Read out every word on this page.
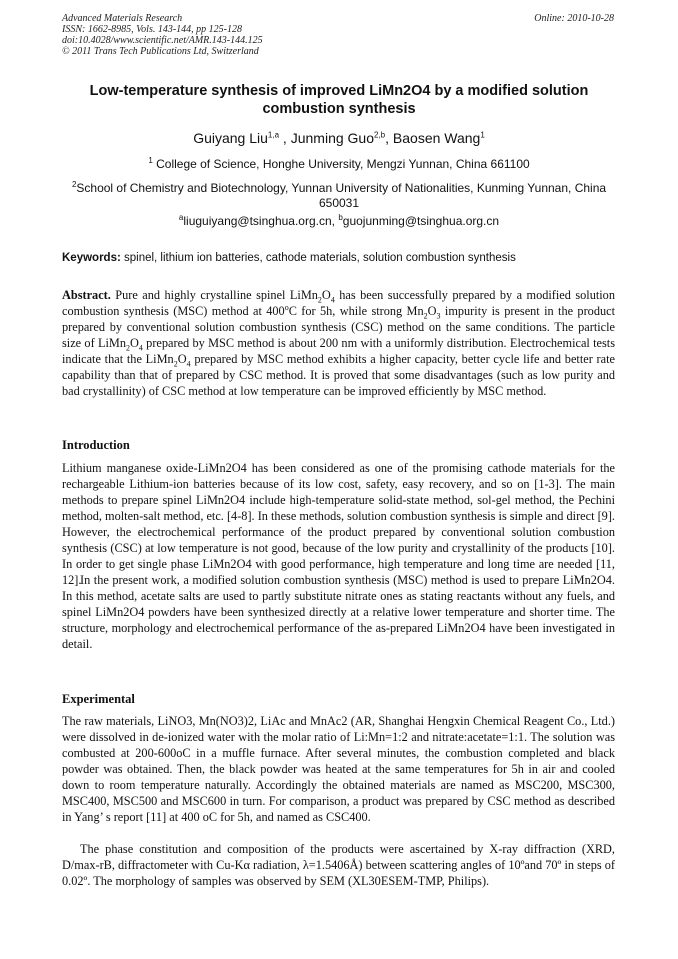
Advanced Materials Research
ISSN: 1662-8985, Vols. 143-144, pp 125-128
doi:10.4028/www.scientific.net/AMR.143-144.125
© 2011 Trans Tech Publications Ltd, Switzerland
Online: 2010-10-28
Low-temperature synthesis of improved LiMn2O4 by a modified solution
combustion synthesis
Guiyang Liu$^{1,a}$ , Junming Guo$^{2,b}$, Baosen Wang$^1$
$^1$ College of Science, Honghe University, Mengzi Yunnan, China 661100
$^2$School of Chemistry and Biotechnology, Yunnan University of Nationalities, Kunming Yunnan, China 650031
$^a$liuguiyang@tsinghua.org.cn, $^b$guojunming@tsinghua.org.cn
Keywords: spinel, lithium ion batteries, cathode materials, solution combustion synthesis
Abstract. Pure and highly crystalline spinel $LiMn_2O_4$ has been successfully prepared by a modified solution combustion synthesis (MSC) method at 400$^o$C for 5h, while strong $Mn_2O_3$ impurity is present in the product prepared by conventional solution combustion synthesis (CSC) method on the same conditions. The particle size of $LiMn_2O_4$ prepared by MSC method is about 200 nm with a uniformly distribution. Electrochemical tests indicate that the $LiMn_2O_4$ prepared by MSC method exhibits a higher capacity, better cycle life and better rate capability than that of prepared by CSC method. It is proved that some disadvantages (such as low purity and bad crystallinity) of CSC method at low temperature can be improved efficiently by MSC method.
Introduction
Lithium manganese oxide-LiMn2O4 has been considered as one of the promising cathode materials for the rechargeable Lithium-ion batteries because of its low cost, safety, easy recovery, and so on [1-3]. The main methods to prepare spinel LiMn2O4 include high-temperature solid-state method, sol-gel method, the Pechini method, molten-salt method, etc. [4-8]. In these methods, solution combustion synthesis is simple and direct [9]. However, the electrochemical performance of the product prepared by conventional solution combustion synthesis (CSC) at low temperature is not good, because of the low purity and crystallinity of the products [10]. In order to get single phase LiMn2O4 with good performance, high temperature and long time are needed [11, 12].
In the present work, a modified solution combustion synthesis (MSC) method is used to prepare LiMn2O4. In this method, acetate salts are used to partly substitute nitrate ones as stating reactants without any fuels, and spinel LiMn2O4 powders have been synthesized directly at a relative lower temperature and shorter time. The structure, morphology and electrochemical performance of the as-prepared LiMn2O4 have been investigated in detail.
Experimental
The raw materials, LiNO3, Mn(NO3)2, LiAc and MnAc2 (AR, Shanghai Hengxin Chemical Reagent Co., Ltd.) were dissolved in de-ionized water with the molar ratio of Li:Mn=1:2 and nitrate:acetate=1:1. The solution was combusted at 200-600oC in a muffle furnace. After several minutes, the combustion completed and black powder was obtained. Then, the black powder was heated at the same temperatures for 5h in air and cooled down to room temperature naturally. Accordingly the obtained materials are named as MSC200, MSC300, MSC400, MSC500 and MSC600 in turn. For comparison, a product was prepared by CSC method as described in Yang’ s report [11] at 400 oC for 5h, and named as CSC400.
The phase constitution and composition of the products were ascertained by X-ray diffraction (XRD, D/max-rB, diffractometer with Cu-Kα radiation, λ=1.5406Å) between scattering angles of 10ºand 70º in steps of 0.02º. The morphology of samples was observed by SEM (XL30ESEM-TMP, Philips).
